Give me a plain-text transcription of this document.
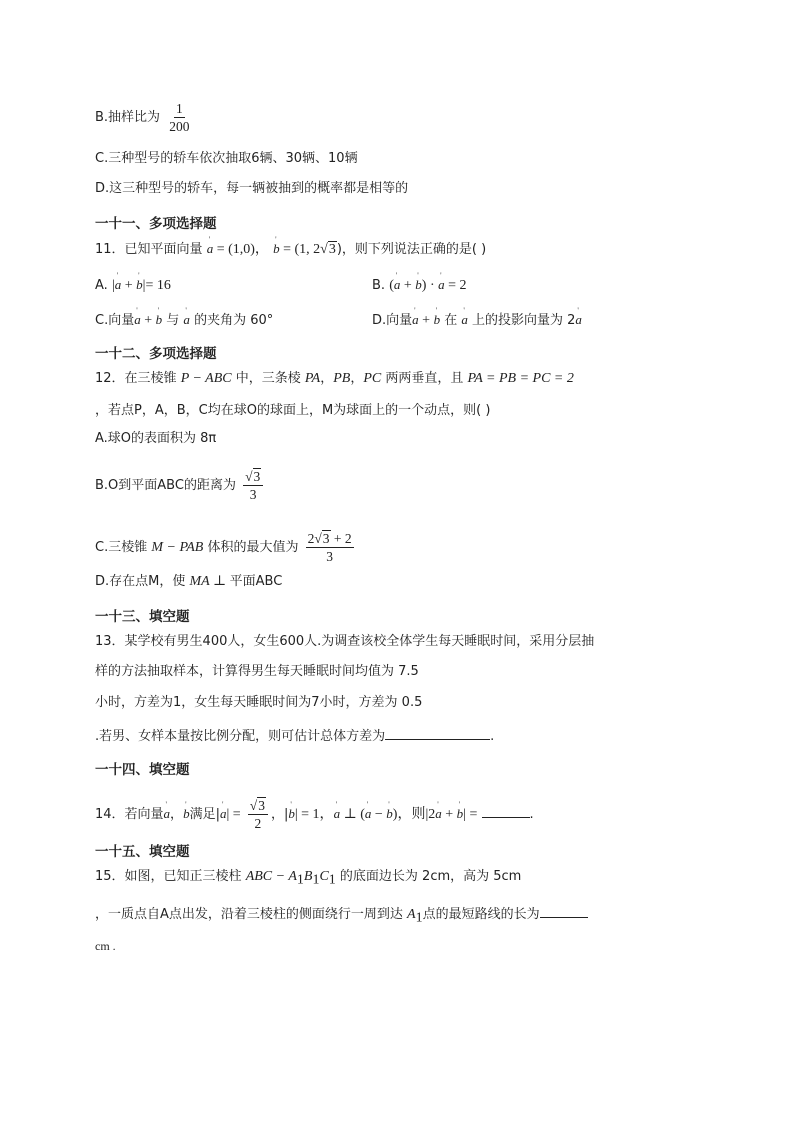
B.抽样比为 $\frac{1}{200}$
C.三种型号的轿车依次抽取6辆、30辆、10辆
D.这三种型号的轿车，每一辆被抽到的概率都是相等的
一十一、多项选择题
11．已知平面向量 ' a = (1,0)， ' b = (1, 2√3)，则下列说法正确的是( )
A. |' a + ' b|= 16	B. (' a + ' b) · ' a = 2
C.向量' a + ' b 与 ' a 的夹角为 60°	D.向量' a + ' b 在 ' a 上的投影向量为 2' a
一十二、多项选择题
12．在三棱锥 P − ABC 中，三条棱 PA，PB，PC 两两垂直，且 PA = PB = PC = 2
，若点P，A，B，C均在球O的球面上，M为球面上的一个动点，则( )
A.球O的表面积为 8π
B.O到平面ABC的距离为 $\frac{√3}{3}$
C.三棱锥 M − PAB 体积的最大值为 $\frac{2√3 + 2}{3}$
D.存在点M，使 MA ⊥ 平面ABC
一十三、填空题
13．某学校有男生400人，女生600人.为调查该校全体学生每天睡眠时间，采用分层抽
样的方法抽取样本，计算得男生每天睡眠时间均值为 7.5
小时，方差为1，女生每天睡眠时间为7小时，方差为 0.5
.若男、女样本量按比例分配，则可估计总体方差为	.
一十四、填空题
14．若向量' a，' b满足|' $a| = \frac{√3}{2}$ ，|' b| = 1，' a ⊥ (' a − ' b)，则|2' a + ' b| =	.
一十五、填空题
15．如图，已知正三棱柱 ABC − $A_1B_1C_1$ 的底面边长为 2cm，高为 5cm
，一质点自A点出发，沿着三棱柱的侧面绕行一周到达 $A_1$点的最短路线的长为
cm .
